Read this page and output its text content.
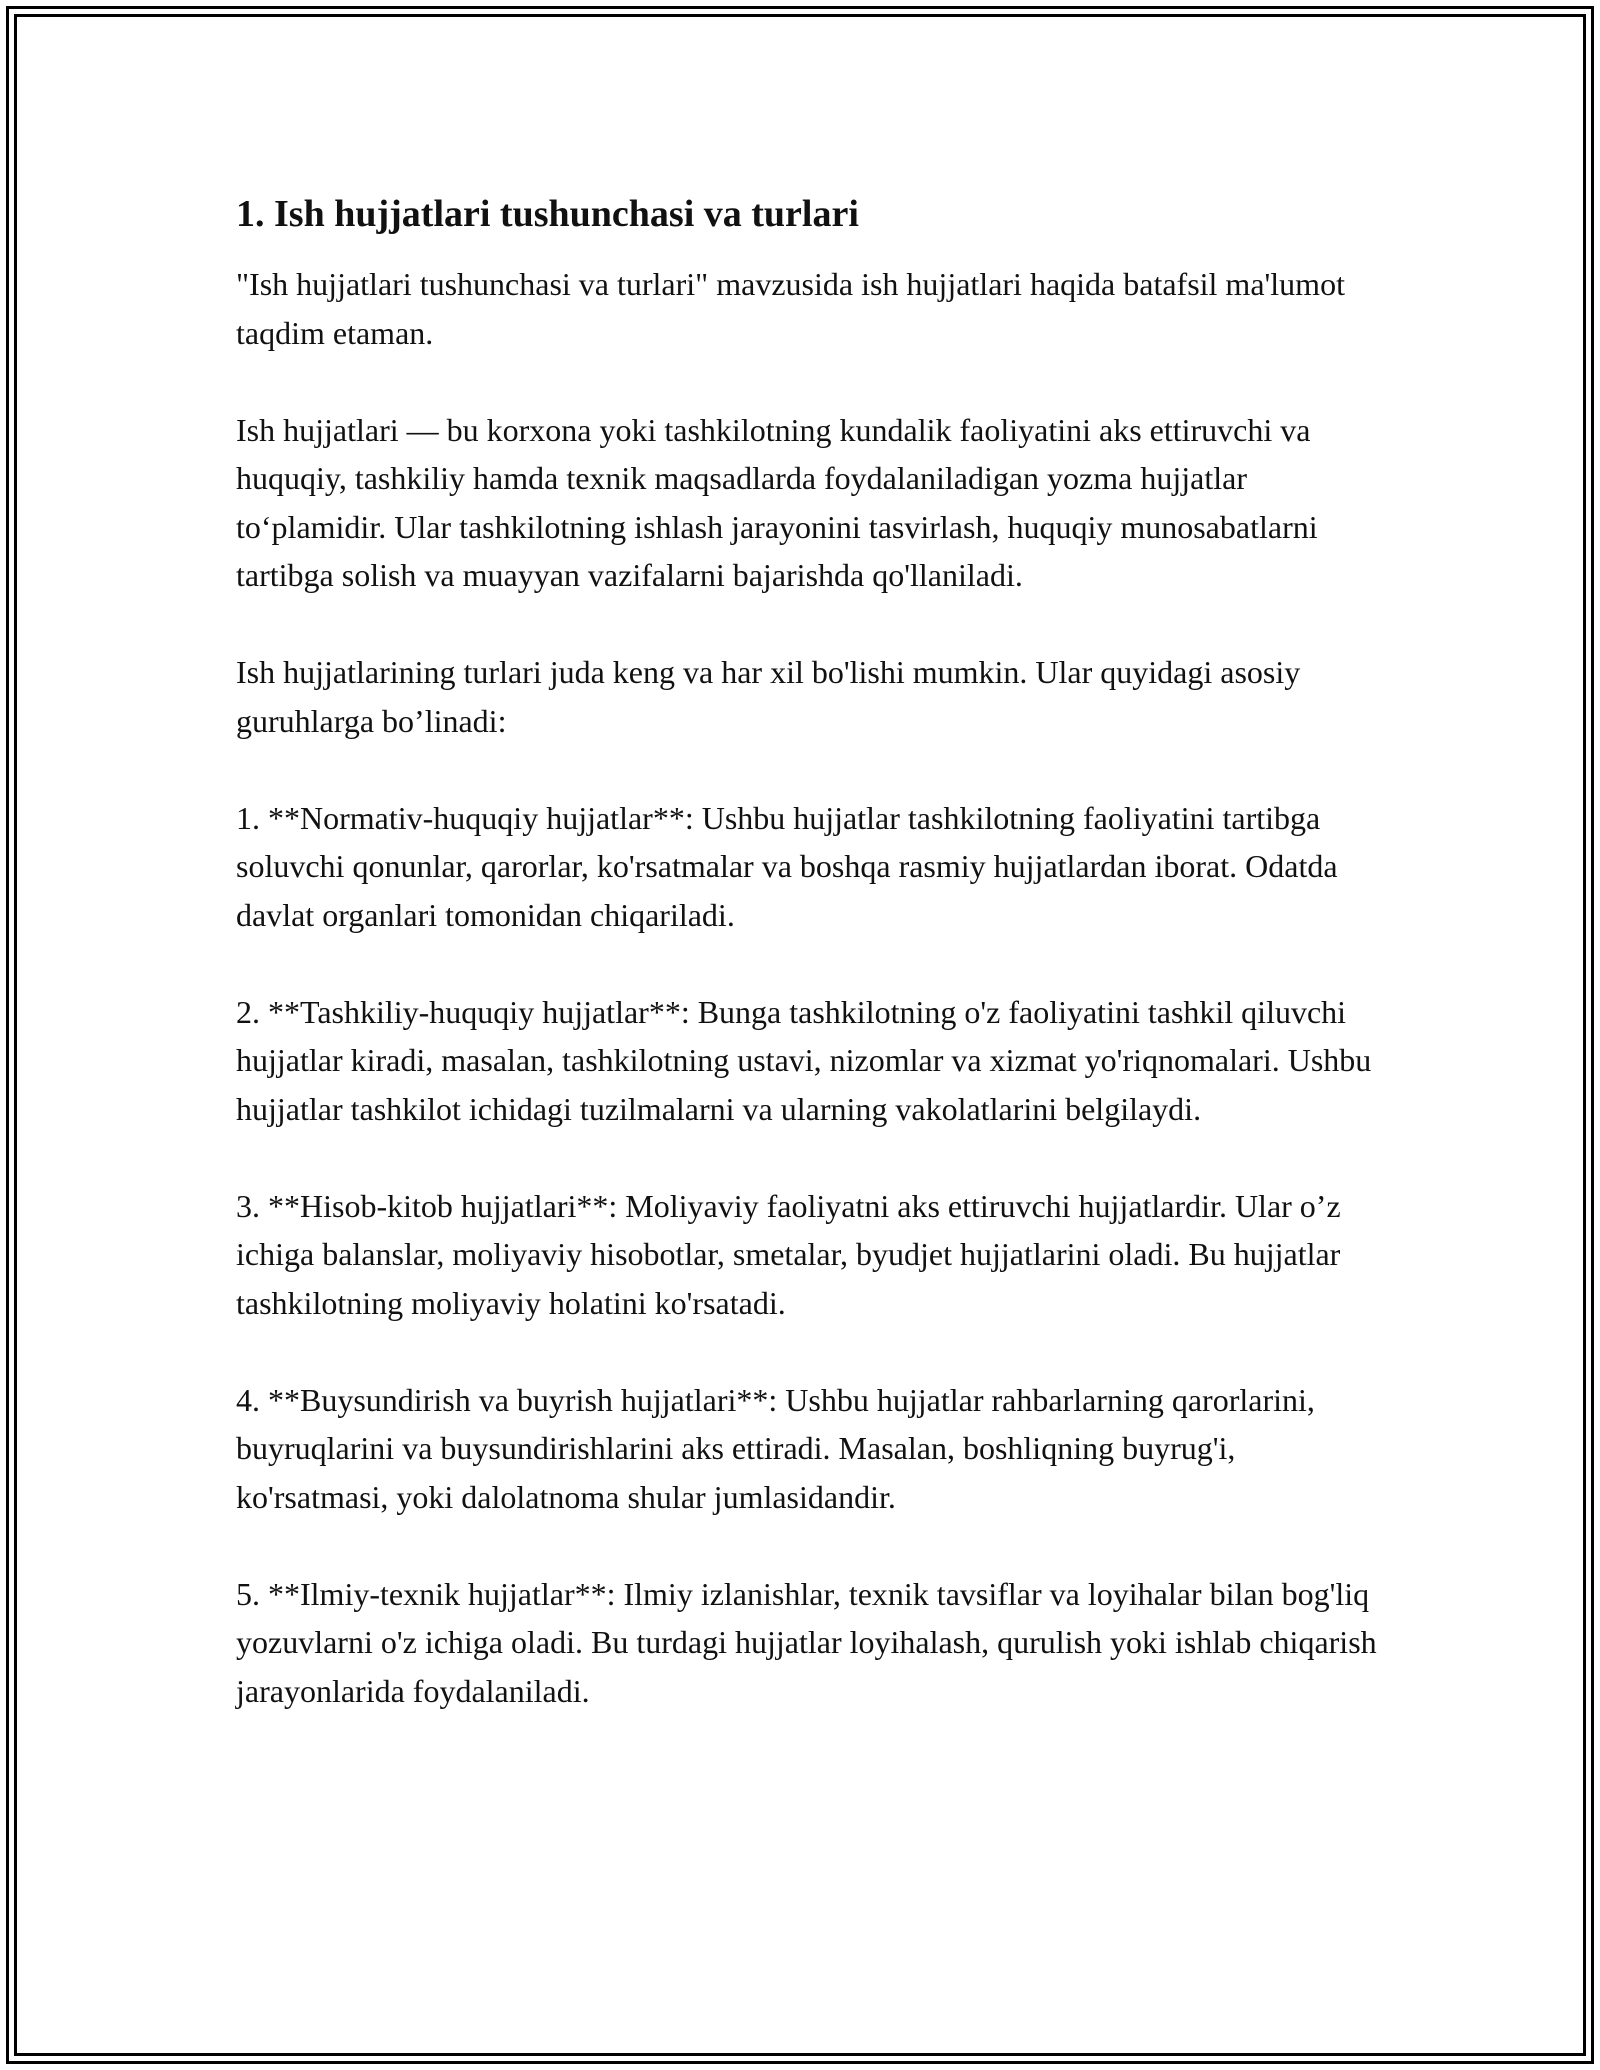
1. Ish hujjatlari tushunchasi va turlari

"Ish hujjatlari tushunchasi va turlari" mavzusida ish hujjatlari haqida batafsil ma'lumot taqdim etaman.

Ish hujjatlari — bu korxona yoki tashkilotning kundalik faoliyatini aks ettiruvchi va huquqiy, tashkiliy hamda texnik maqsadlarda foydalaniladigan yozma hujjatlar to‘plamidir. Ular tashkilotning ishlash jarayonini tasvirlash, huquqiy munosabatlarni tartibga solish va muayyan vazifalarni bajarishda qo'llaniladi.

Ish hujjatlarining turlari juda keng va har xil bo'lishi mumkin. Ular quyidagi asosiy guruhlarga bo’linadi:

1. **Normativ-huquqiy hujjatlar**: Ushbu hujjatlar tashkilotning faoliyatini tartibga soluvchi qonunlar, qarorlar, ko'rsatmalar va boshqa rasmiy hujjatlardan iborat. Odatda davlat organlari tomonidan chiqariladi.

2. **Tashkiliy-huquqiy hujjatlar**: Bunga tashkilotning o'z faoliyatini tashkil qiluvchi hujjatlar kiradi, masalan, tashkilotning ustavi, nizomlar va xizmat yo'riqnomalari. Ushbu hujjatlar tashkilot ichidagi tuzilmalarni va ularning vakolatlarini belgilaydi.

3. **Hisob-kitob hujjatlari**: Moliyaviy faoliyatni aks ettiruvchi hujjatlardir. Ular o’z ichiga balanslar, moliyaviy hisobotlar, smetalar, byudjet hujjatlarini oladi. Bu hujjatlar tashkilotning moliyaviy holatini ko'rsatadi.

4. **Buysundirish va buyrish hujjatlari**: Ushbu hujjatlar rahbarlarning qarorlarini, buyruqlarini va buysundirishlarini aks ettiradi. Masalan, boshliqning buyrug'i, ko'rsatmasi, yoki dalolatnoma shular jumlasidandir.

5. **Ilmiy-texnik hujjatlar**: Ilmiy izlanishlar, texnik tavsiflar va loyihalar bilan bog'liq yozuvlarni o'z ichiga oladi. Bu turdagi hujjatlar loyihalash, qurulish yoki ishlab chiqarish jarayonlarida foydalaniladi.
